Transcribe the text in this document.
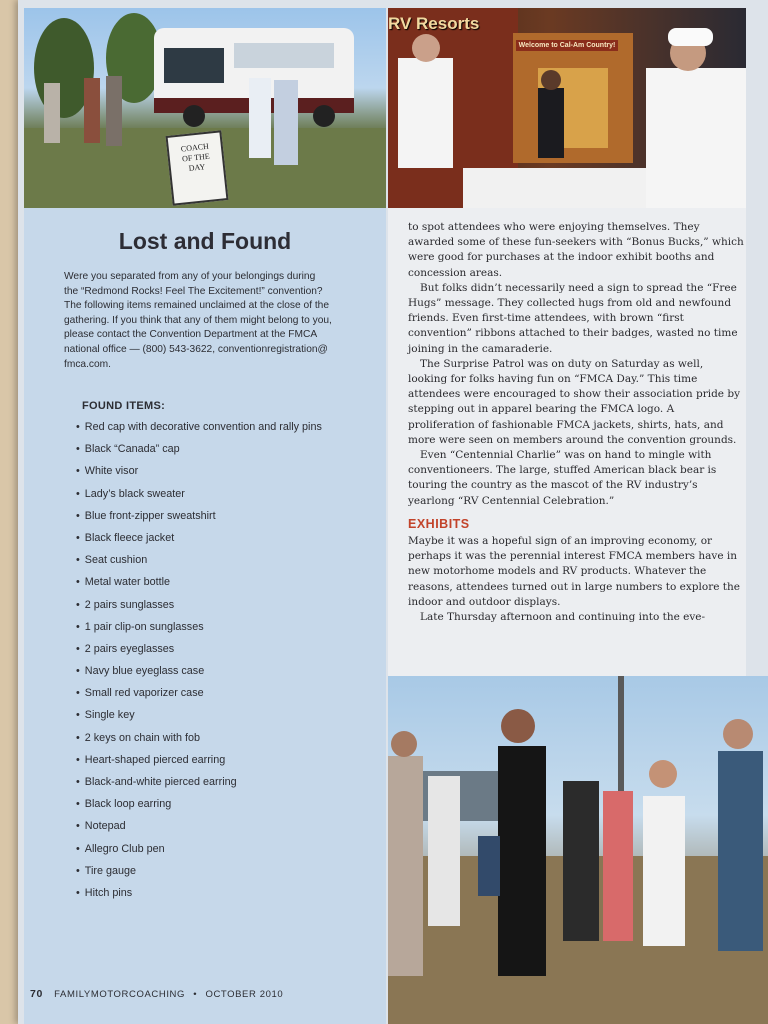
COACH
OF THE
DAY
RV Resorts
Welcome to Cal-Am Country!
Lost and Found
Were you separated from any of your belongings during
the “Redmond Rocks! Feel The Excitement!” convention?
The following items remained unclaimed at the close of the
gathering. If you think that any of them might belong to you,
please contact the Convention Department at the FMCA
national office — (800) 543-3622, conventionregistration@
fmca.com.
FOUND ITEMS:
• Red cap with decorative convention and rally pins
• Black “Canada” cap
• White visor
• Lady’s black sweater
• Blue front-zipper sweatshirt
• Black fleece jacket
• Seat cushion
• Metal water bottle
• 2 pairs sunglasses
• 1 pair clip-on sunglasses
• 2 pairs eyeglasses
• Navy blue eyeglass case
• Small red vaporizer case
• Single key
• 2 keys on chain with fob
• Heart-shaped pierced earring
• Black-and-white pierced earring
• Black loop earring
• Notepad
• Allegro Club pen
• Tire gauge
• Hitch pins

to spot attendees who were enjoying themselves. They awarded some of these fun-seekers with “Bonus Bucks,” which were good for purchases at the indoor exhibit booths and concession areas.

But folks didn’t necessarily need a sign to spread the “Free Hugs” message. They collected hugs from old and newfound friends. Even first-time attendees, with brown “first convention” ribbons attached to their badges, wasted no time joining in the camaraderie.

The Surprise Patrol was on duty on Saturday as well, looking for folks having fun on “FMCA Day.” This time attendees were encouraged to show their association pride by stepping out in apparel bearing the FMCA logo. A proliferation of fashionable FMCA jackets, shirts, hats, and more were seen on members around the convention grounds.

Even “Centennial Charlie” was on hand to mingle with conventioneers. The large, stuffed American black bear is touring the country as the mascot of the RV industry’s yearlong “RV Centennial Celebration.”

EXHIBITS

Maybe it was a hopeful sign of an improving economy, or perhaps it was the perennial interest FMCA members have in new motorhome models and RV products. Whatever the reasons, attendees turned out in large numbers to explore the indoor and outdoor displays.

Late Thursday afternoon and continuing into the eve-

70 FAMILYMOTORCOACHING • OCTOBER 2010
